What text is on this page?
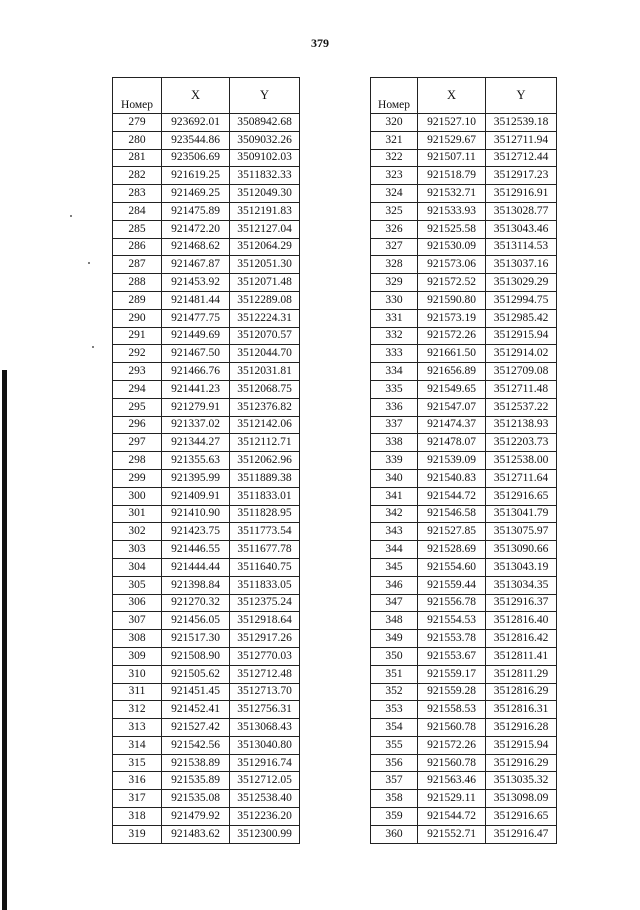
379
Номер	X	Y
279	923692.01	3508942.68
280	923544.86	3509032.26
281	923506.69	3509102.03
282	921619.25	3511832.33
283	921469.25	3512049.30
284	921475.89	3512191.83
285	921472.20	3512127.04
286	921468.62	3512064.29
287	921467.87	3512051.30
288	921453.92	3512071.48
289	921481.44	3512289.08
290	921477.75	3512224.31
291	921449.69	3512070.57
292	921467.50	3512044.70
293	921466.76	3512031.81
294	921441.23	3512068.75
295	921279.91	3512376.82
296	921337.02	3512142.06
297	921344.27	3512112.71
298	921355.63	3512062.96
299	921395.99	3511889.38
300	921409.91	3511833.01
301	921410.90	3511828.95
302	921423.75	3511773.54
303	921446.55	3511677.78
304	921444.44	3511640.75
305	921398.84	3511833.05
306	921270.32	3512375.24
307	921456.05	3512918.64
308	921517.30	3512917.26
309	921508.90	3512770.03
310	921505.62	3512712.48
311	921451.45	3512713.70
312	921452.41	3512756.31
313	921527.42	3513068.43
314	921542.56	3513040.80
315	921538.89	3512916.74
316	921535.89	3512712.05
317	921535.08	3512538.40
318	921479.92	3512236.20
319	921483.62	3512300.99
Номер	X	Y
320	921527.10	3512539.18
321	921529.67	3512711.94
322	921507.11	3512712.44
323	921518.79	3512917.23
324	921532.71	3512916.91
325	921533.93	3513028.77
326	921525.58	3513043.46
327	921530.09	3513114.53
328	921573.06	3513037.16
329	921572.52	3513029.29
330	921590.80	3512994.75
331	921573.19	3512985.42
332	921572.26	3512915.94
333	921661.50	3512914.02
334	921656.89	3512709.08
335	921549.65	3512711.48
336	921547.07	3512537.22
337	921474.37	3512138.93
338	921478.07	3512203.73
339	921539.09	3512538.00
340	921540.83	3512711.64
341	921544.72	3512916.65
342	921546.58	3513041.79
343	921527.85	3513075.97
344	921528.69	3513090.66
345	921554.60	3513043.19
346	921559.44	3513034.35
347	921556.78	3512916.37
348	921554.53	3512816.40
349	921553.78	3512816.42
350	921553.67	3512811.41
351	921559.17	3512811.29
352	921559.28	3512816.29
353	921558.53	3512816.31
354	921560.78	3512916.28
355	921572.26	3512915.94
356	921560.78	3512916.29
357	921563.46	3513035.32
358	921529.11	3513098.09
359	921544.72	3512916.65
360	921552.71	3512916.47
